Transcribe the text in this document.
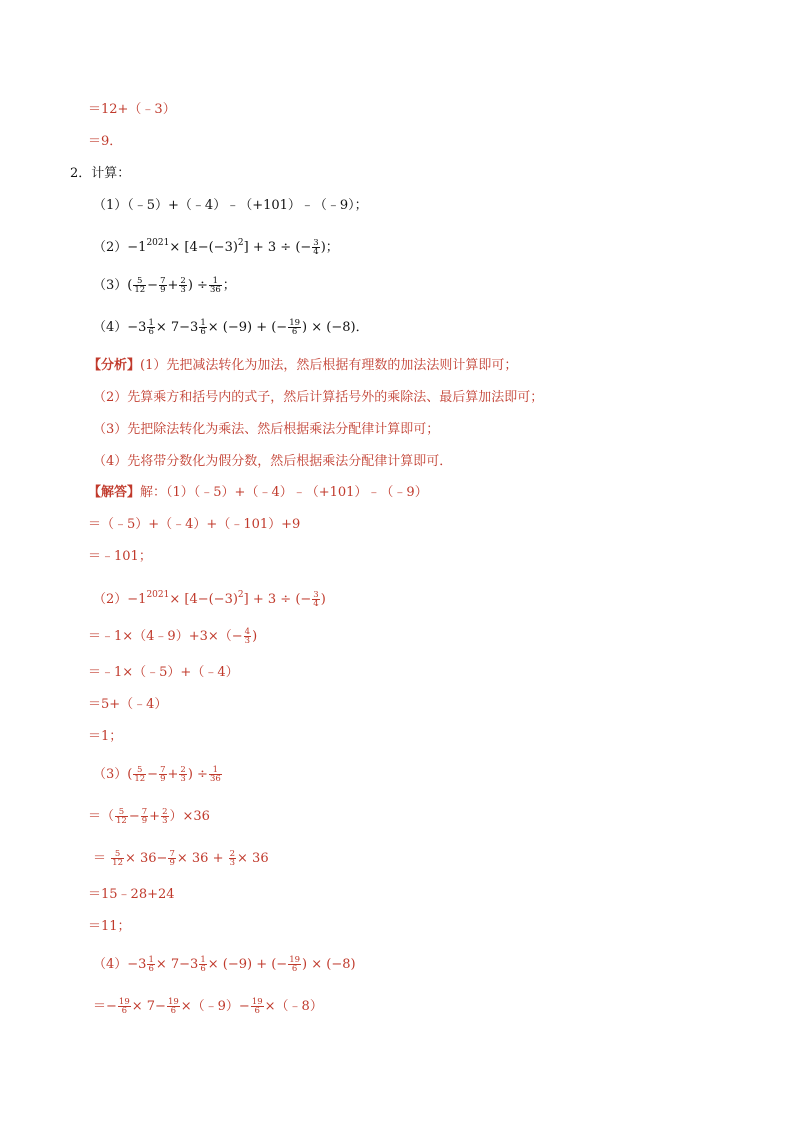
＝12+（﹣3）
＝9．
2．计算：
（1）（﹣5）+（﹣4）﹣（+101）﹣（﹣9）；
$(2)-1^{2021}\times [4-(-3)^2] + 3$ ÷ (− $\frac{3}{4}$ )；
$(3)( \frac{5}{12} - \frac{7}{9} + \frac{2}{3}$ ) ÷ $\frac{1}{36}$ ；
$(4)-3 \frac{1}{6} \times 7-3 \frac{1}{6} \times (-9)$ + (− $\frac{19}{6}$ ) × (−8)．
【分析】(1）先把减法转化为加法，然后根据有理数的加法法则计算即可；
（2）先算乘方和括号内的式子，然后计算括号外的乘除法、最后算加法即可；
（3）先把除法转化为乘法、然后根据乘法分配律计算即可；
（4）先将带分数化为假分数，然后根据乘法分配律计算即可．
【解答】解：（1）（﹣5）+（﹣4）﹣（+101）﹣（﹣9）
＝（﹣5）+（﹣4）+（﹣101）+9
＝﹣101；
$(2)-1^{2021}\times [4-(-3)^2] + 3$ ÷ (− $\frac{3}{4}$ )
＝﹣1×（4﹣9）+3×（− $\frac{4}{3}$ )
＝﹣1×（﹣5）+（﹣4）
＝5+（﹣4）
＝1；
$(3)( \frac{5}{12} - \frac{7}{9} + \frac{2}{3}$ ) ÷ $\frac{1}{36}$
＝（ $\frac{5}{12} - \frac{7}{9} + \frac{2}{3} )\times 36$
＝ $\frac{5}{12} \times 36- \frac{7}{9} \times 36 + \frac{2}{3} \times 36$
＝15﹣28+24
＝11；
$(4)-3 \frac{1}{6} \times 7-3 \frac{1}{6} \times (-9)$ + (− $\frac{19}{6}$ ) × (−8)
＝− $\frac{19}{6} \times 7- \frac{19}{6}$ ×（﹣9）− $\frac{19}{6}$ ×（﹣8）
